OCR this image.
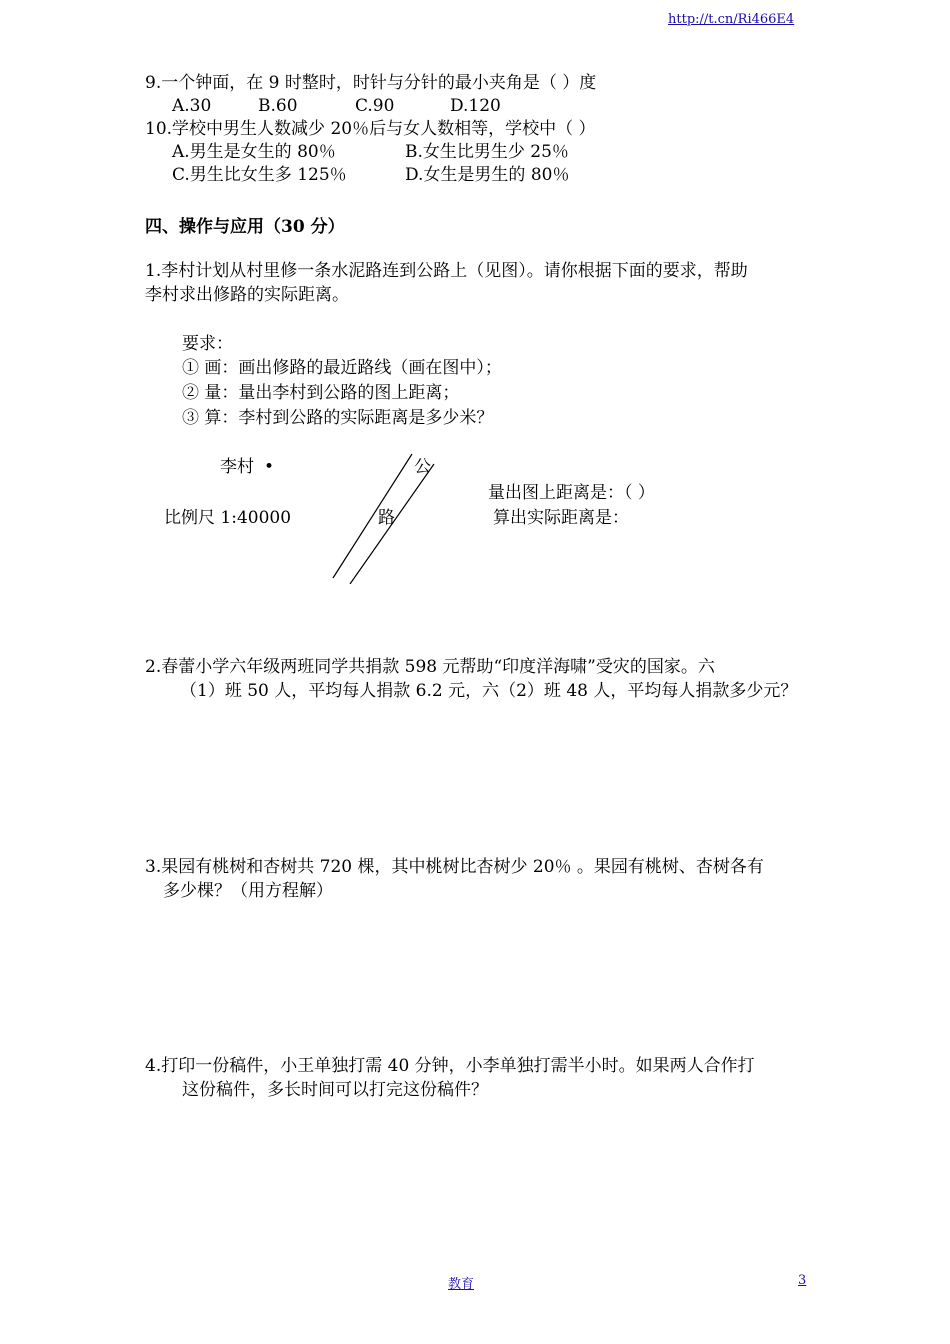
http://t.cn/Ri466E4
9.一个钟面，在 9 时整时，时针与分针的最小夹角是（ ）度
A.30	B.60	C.90	D.120
10.学校中男生人数减少 20％后与女人数相等，学校中（ ）
A.男生是女生的 80％	B.女生比男生少 25％
C.男生比女生多 125％	D.女生是男生的 80％
四、操作与应用（30 分）
1.李村计划从村里修一条水泥路连到公路上（见图）。请你根据下面的要求，帮助
李村求出修路的实际距离。
要求：
① 画：画出修路的最近路线（画在图中）；
② 量：量出李村到公路的图上距离；
③ 算：李村到公路的实际距离是多少米？
李村 •
比例尺 1:40000
公
路
量出图上距离是：（ ）
算出实际距离是：
2.春蕾小学六年级两班同学共捐款 598 元帮助“印度洋海啸”受灾的国家。六
（1）班 50 人，平均每人捐款 6.2 元，六（2）班 48 人，平均每人捐款多少元？
3.果园有桃树和杏树共 720 棵，其中桃树比杏树少 20％ 。果园有桃树、杏树各有
多少棵？（用方程解）
4.打印一份稿件，小王单独打需 40 分钟，小李单独打需半小时。如果两人合作打
这份稿件，多长时间可以打完这份稿件？
教育	3
